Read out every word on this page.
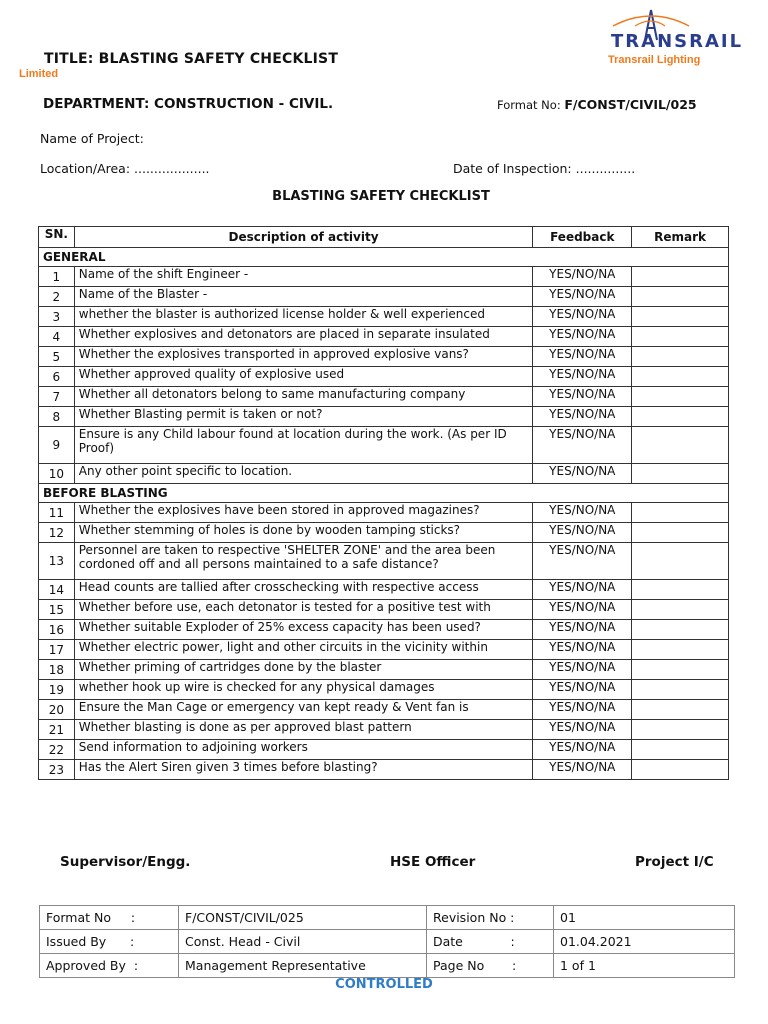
TRANSRAIL
Transrail Lighting
TITLE: BLASTING SAFETY CHECKLIST
Limited
DEPARTMENT: CONSTRUCTION - CIVIL.	Format No: F/CONST/CIVIL/025
Name of Project:
Location/Area: ...................	Date of Inspection: ...............
BLASTING SAFETY CHECKLIST
SN.	Description of activity	Feedback	Remark
GENERAL			
1	Name of the shift Engineer -	YES/NO/NA	
2	Name of the Blaster -	YES/NO/NA	
3	whether the blaster is authorized license holder & well experienced	YES/NO/NA	
4	Whether explosives and detonators are placed in separate insulated	YES/NO/NA	
5	Whether the explosives transported in approved explosive vans?	YES/NO/NA	
6	Whether approved quality of explosive used	YES/NO/NA	
7	Whether all detonators belong to same manufacturing company	YES/NO/NA	
8	Whether Blasting permit is taken or not?	YES/NO/NA	
9	Ensure is any Child labour found at location during the work. (As per ID Proof)	YES/NO/NA	
10	Any other point specific to location.	YES/NO/NA	
BEFORE BLASTING			
11	Whether the explosives have been stored in approved magazines?	YES/NO/NA	
12	Whether stemming of holes is done by wooden tamping sticks?	YES/NO/NA	
13	Personnel are taken to respective 'SHELTER ZONE' and the area been cordoned off and all persons maintained to a safe distance?	YES/NO/NA	
14	Head counts are tallied after crosschecking with respective access	YES/NO/NA	
15	Whether before use, each detonator is tested for a positive test with	YES/NO/NA	
16	Whether suitable Exploder of 25% excess capacity has been used?	YES/NO/NA	
17	Whether electric power, light and other circuits in the vicinity within	YES/NO/NA	
18	Whether priming of cartridges done by the blaster	YES/NO/NA	
19	whether hook up wire is checked for any physical damages	YES/NO/NA	
20	Ensure the Man Cage or emergency van kept ready & Vent fan is	YES/NO/NA	
21	Whether blasting is done as per approved blast pattern	YES/NO/NA	
22	Send information to adjoining workers	YES/NO/NA	
23	Has the Alert Siren given 3 times before blasting?	YES/NO/NA	
Supervisor/Engg.	HSE Officer	Project I/C
Format No     :	F/CONST/CIVIL/025	Revision No :	01
Issued By      :	Const. Head - Civil	Date            :	01.04.2021
Approved By  :	Management Representative	Page No       :	1 of 1
CONTROLLED
